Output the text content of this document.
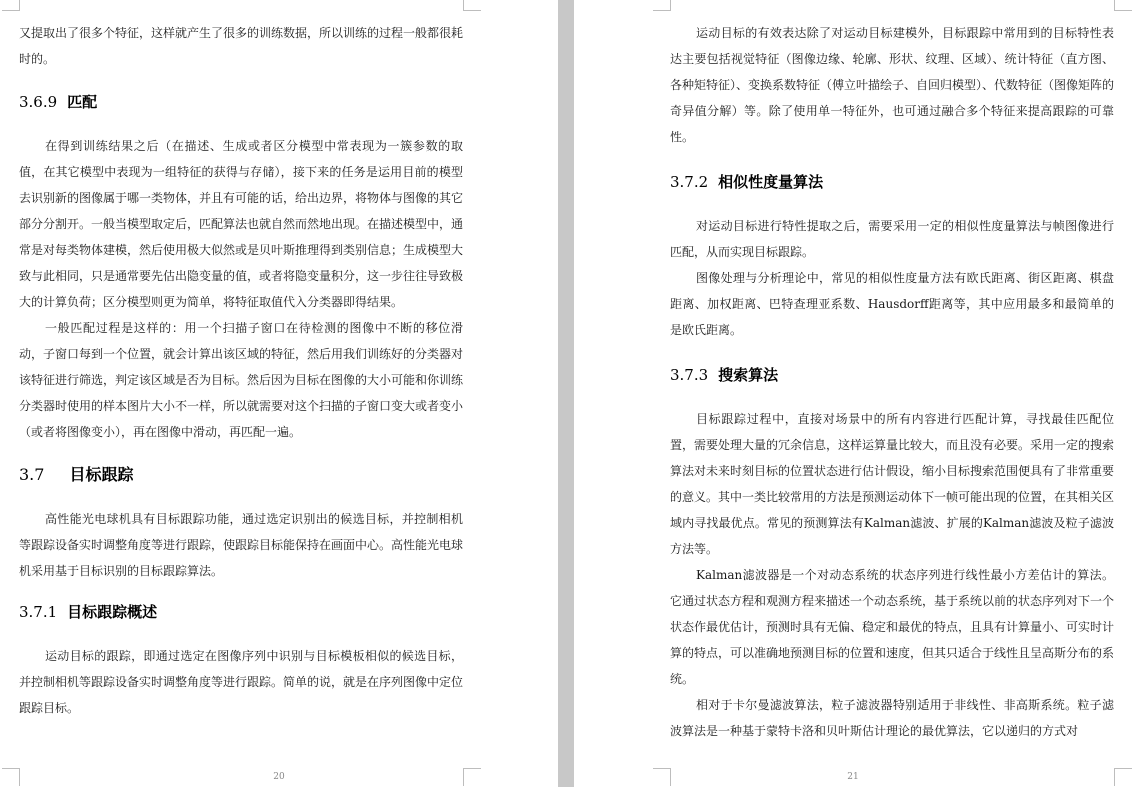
又提取出了很多个特征，这样就产生了很多的训练数据，所以训练的过程一般都很耗时的。

3.6.9 匹配

在得到训练结果之后（在描述、生成或者区分模型中常表现为一簇参数的取值，在其它模型中表现为一组特征的获得与存储），接下来的任务是运用目前的模型去识别新的图像属于哪一类物体，并且有可能的话，给出边界，将物体与图像的其它部分分割开。一般当模型取定后，匹配算法也就自然而然地出现。在描述模型中，通常是对每类物体建模，然后使用极大似然或是贝叶斯推理得到类别信息；生成模型大致与此相同，只是通常要先估出隐变量的值，或者将隐变量积分，这一步往往导致极大的计算负荷；区分模型则更为简单，将特征取值代入分类器即得结果。

一般匹配过程是这样的：用一个扫描子窗口在待检测的图像中不断的移位滑动，子窗口每到一个位置，就会计算出该区域的特征，然后用我们训练好的分类器对该特征进行筛选，判定该区域是否为目标。然后因为目标在图像的大小可能和你训练分类器时使用的样本图片大小不一样，所以就需要对这个扫描的子窗口变大或者变小（或者将图像变小），再在图像中滑动，再匹配一遍。

3.7 目标跟踪

高性能光电球机具有目标跟踪功能，通过选定识别出的候选目标，并控制相机等跟踪设备实时调整角度等进行跟踪，使跟踪目标能保持在画面中心。高性能光电球机采用基于目标识别的目标跟踪算法。

3.7.1 目标跟踪概述

运动目标的跟踪，即通过选定在图像序列中识别与目标模板相似的候选目标，并控制相机等跟踪设备实时调整角度等进行跟踪。简单的说，就是在序列图像中定位跟踪目标。

20

运动目标的有效表达除了对运动目标建模外，目标跟踪中常用到的目标特性表达主要包括视觉特征（图像边缘、轮廓、形状、纹理、区域）、统计特征（直方图、各种矩特征）、变换系数特征（傅立叶描绘子、自回归模型）、代数特征（图像矩阵的奇异值分解）等。除了使用单一特征外，也可通过融合多个特征来提高跟踪的可靠性。

3.7.2 相似性度量算法

对运动目标进行特性提取之后，需要采用一定的相似性度量算法与帧图像进行匹配，从而实现目标跟踪。

图像处理与分析理论中，常见的相似性度量方法有欧氏距离、街区距离、棋盘距离、加权距离、巴特查理亚系数、Hausdorff距离等，其中应用最多和最简单的是欧氏距离。

3.7.3 搜索算法

目标跟踪过程中，直接对场景中的所有内容进行匹配计算，寻找最佳匹配位置，需要处理大量的冗余信息，这样运算量比较大，而且没有必要。采用一定的搜索算法对未来时刻目标的位置状态进行估计假设，缩小目标搜索范围便具有了非常重要的意义。其中一类比较常用的方法是预测运动体下一帧可能出现的位置，在其相关区域内寻找最优点。常见的预测算法有Kalman滤波、扩展的Kalman滤波及粒子滤波方法等。

Kalman滤波器是一个对动态系统的状态序列进行线性最小方差估计的算法。它通过状态方程和观测方程来描述一个动态系统，基于系统以前的状态序列对下一个状态作最优估计，预测时具有无偏、稳定和最优的特点，且具有计算量小、可实时计算的特点，可以准确地预测目标的位置和速度，但其只适合于线性且呈高斯分布的系统。

相对于卡尔曼滤波算法，粒子滤波器特别适用于非线性、非高斯系统。粒子滤波算法是一种基于蒙特卡洛和贝叶斯估计理论的最优算法，它以递归的方式对

21
